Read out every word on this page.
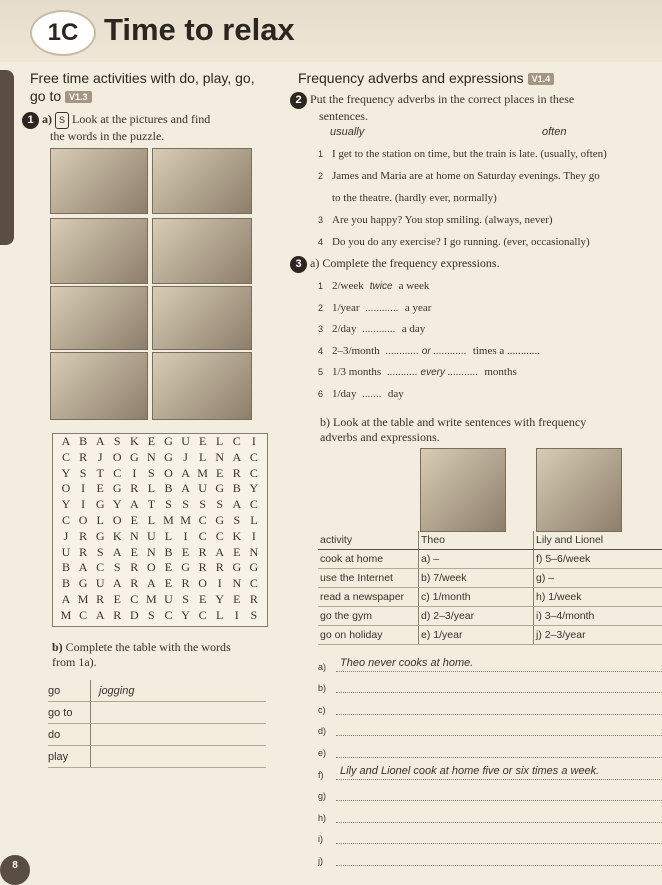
1C Time to relax
Free time activities with do, play, go,
go to V1.3
1 a) S Look at the pictures and find
the words in the puzzle.
A B A S K E G U E L C I
C R J O G N G J L N A C
Y S T C I S O A M E R C
O I E G R L B A U G B Y
Y I G Y A T S S S S A C
C O L O E L M M C G S L
J R G K N U L I C C K I
U R S A E N B E R A E N
B A C S R O E G R R G G
B G U A R A E R O I N C
A M R E C M U S E Y E R
M C A R D S C Y C L I S
b) Complete the table with the words
from 1a).
go	jogging
go to
do
play
8
Frequency adverbs and expressions V1.4
2 Put the frequency adverbs in the correct places in these
sentences.
usually	often
1 I get to the station on time, but the train is late. (usually, often)
2 James and Maria are at home on Saturday evenings. They go
to the theatre. (hardly ever, normally)
3 Are you happy? You stop smiling. (always, never)
4 Do you do any exercise? I go running. (ever, occasionally)
3 a) Complete the frequency expressions.
1 2/week twice a week
2 1/year ............ a year
3 2/day ............ a day
4 2–3/month ............ or ............ times a ............
5 1/3 months ........... every ........... months
6 1/day ....... day
b) Look at the table and write sentences with frequency
adverbs and expressions.
activity	Theo	Lily and Lionel
cook at home	a) –	f) 5–6/week
use the Internet	b) 7/week	g) –
read a newspaper	c) 1/month	h) 1/week
go the gym	d) 2–3/year	i) 3–4/month
go on holiday	e) 1/year	j) 2–3/year
a)	Theo never cooks at home.
b)
c)
d)
e)
f)	Lily and Lionel cook at home five or six times a week.
g)
h)
i)
j)
